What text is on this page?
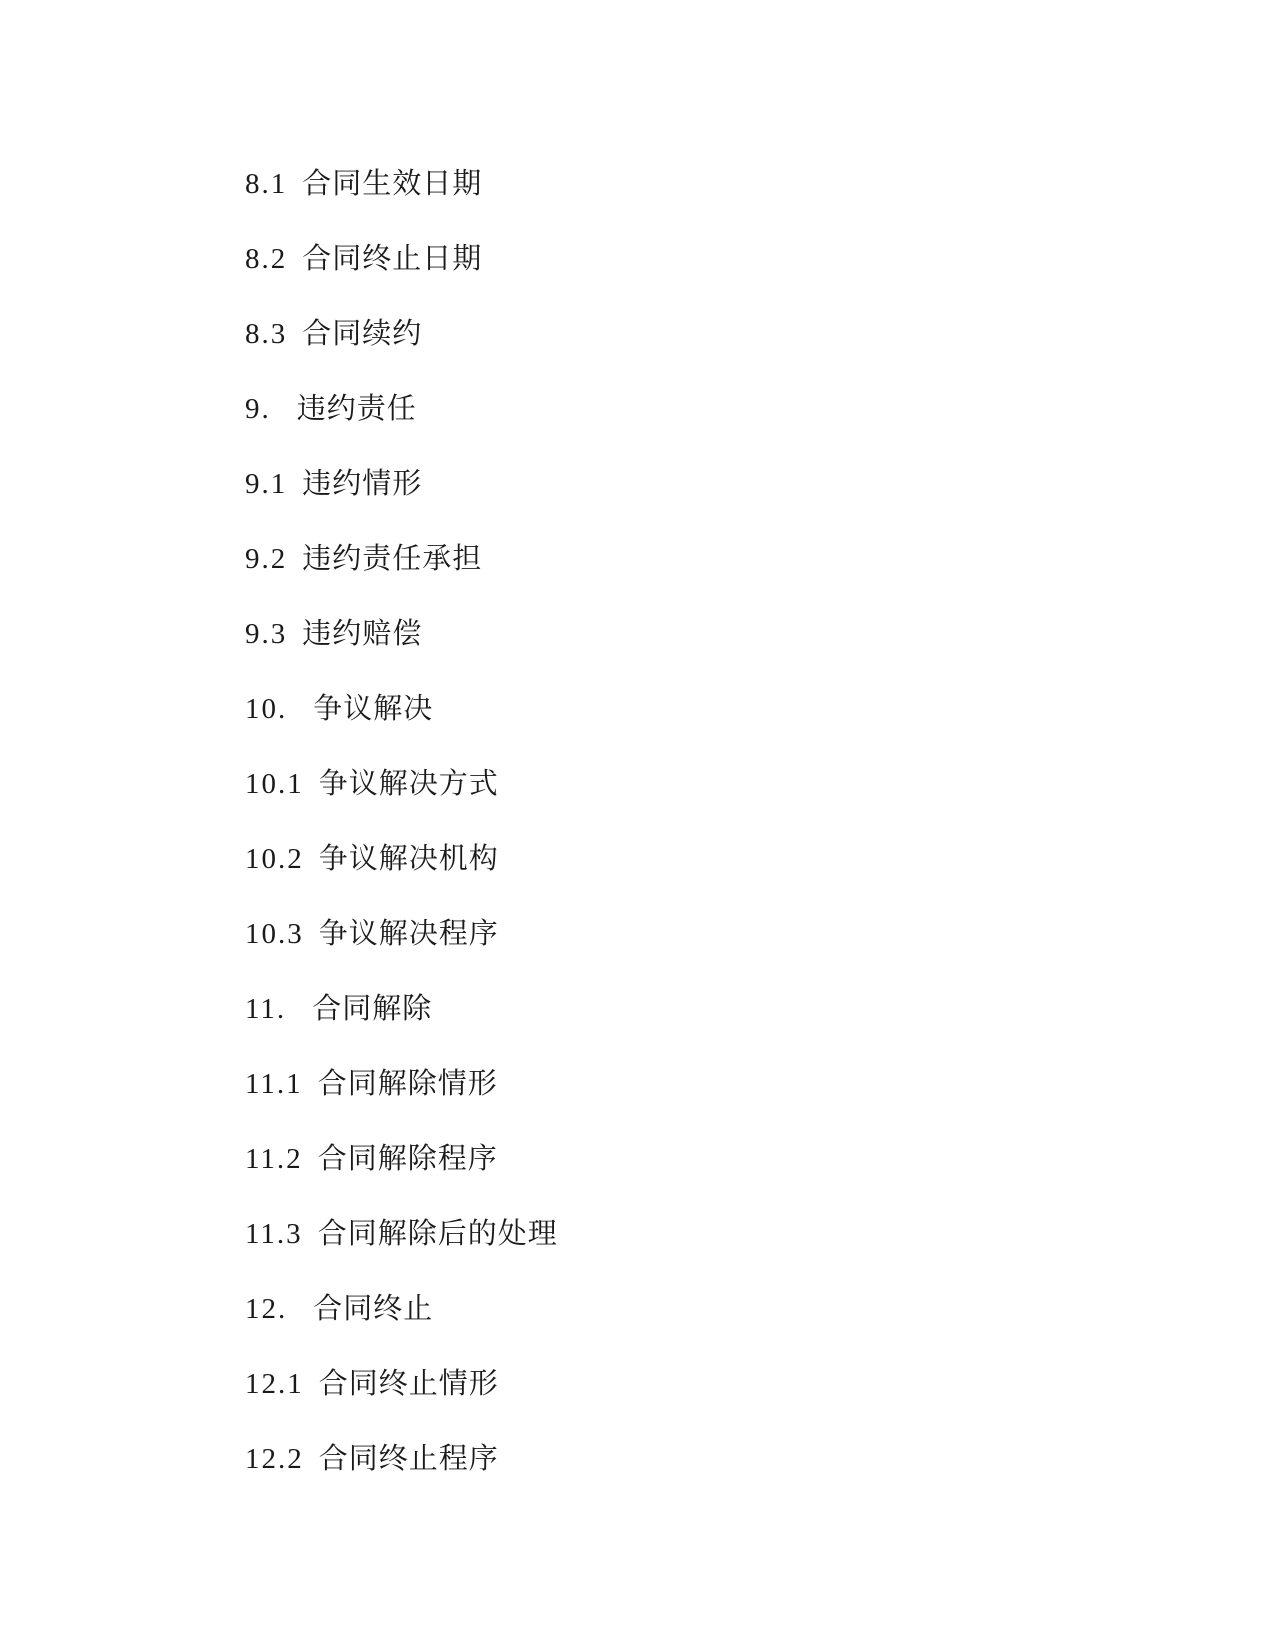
8.1 合同生效日期

8.2 合同终止日期

8.3 合同续约

9. 违约责任

9.1 违约情形

9.2 违约责任承担

9.3 违约赔偿

10. 争议解决

10.1 争议解决方式

10.2 争议解决机构

10.3 争议解决程序

11. 合同解除

11.1 合同解除情形

11.2 合同解除程序

11.3 合同解除后的处理

12. 合同终止

12.1 合同终止情形

12.2 合同终止程序
